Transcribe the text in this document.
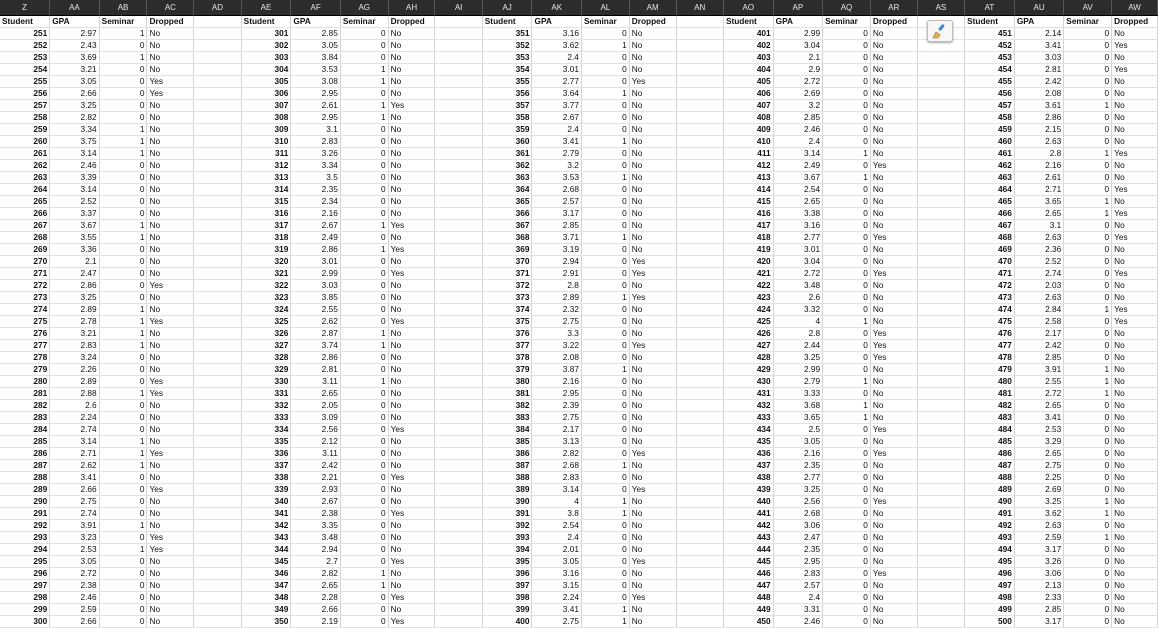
Z	AA	AB	AC	AD	AE	AF	AG	AH	AI	AJ	AK	AL	AM	AN	AO	AP	AQ	AR	AS	AT	AU	AV	AW
Student	GPA	Seminar	Dropped		Student	GPA	Seminar	Dropped		Student	GPA	Seminar	Dropped		Student	GPA	Seminar	Dropped		Student	GPA	Seminar	Dropped
251	2.97	1	No		301	2.85	0	No		351	3.16	0	No		401	2.99	0	No		451	2.14	0	No
252	2.43	0	No		302	3.05	0	No		352	3.62	1	No		402	3.04	0	No		452	3.41	0	Yes
253	3.69	1	No		303	3.84	0	No		353	2.4	0	No		403	2.1	0	No		453	3.03	0	No
254	3.21	0	No		304	3.53	1	No		354	3.01	0	No		404	2.9	0	No		454	2.81	0	Yes
255	3.05	0	Yes		305	3.08	1	No		355	2.77	0	Yes		405	2.72	0	No		455	2.42	0	No
256	2.66	0	Yes		306	2.95	0	No		356	3.64	1	No		406	2.69	0	No		456	2.08	0	No
257	3.25	0	No		307	2.61	1	Yes		357	3.77	0	No		407	3.2	0	No		457	3.61	1	No
258	2.82	0	No		308	2.95	1	No		358	2.67	0	No		408	2.85	0	No		458	2.86	0	No
259	3.34	1	No		309	3.1	0	No		359	2.4	0	No		409	2.46	0	No		459	2.15	0	No
260	3.75	1	No		310	2.83	0	No		360	3.41	1	No		410	2.4	0	No		460	2.63	0	No
261	3.14	1	No		311	3.26	0	No		361	2.79	0	No		411	3.14	1	No		461	2.8	1	Yes
262	2.46	0	No		312	3.34	0	No		362	3.2	0	No		412	2.49	0	Yes		462	2.16	0	No
263	3.39	0	No		313	3.5	0	No		363	3.53	1	No		413	3.67	1	No		463	2.61	0	No
264	3.14	0	No		314	2.35	0	No		364	2.68	0	No		414	2.54	0	No		464	2.71	0	Yes
265	2.52	0	No		315	2.34	0	No		365	2.57	0	No		415	2.65	0	No		465	3.65	1	No
266	3.37	0	No		316	2.16	0	No		366	3.17	0	No		416	3.38	0	No		466	2.65	1	Yes
267	3.67	1	No		317	2.67	1	Yes		367	2.85	0	No		417	3.16	0	No		467	3.1	0	No
268	3.55	1	No		318	2.49	0	No		368	3.71	1	No		418	2.77	0	Yes		468	2.63	0	Yes
269	3.36	0	No		319	2.86	1	Yes		369	3.19	0	No		419	3.01	0	No		469	2.36	0	No
270	2.1	0	No		320	3.01	0	No		370	2.94	0	Yes		420	3.04	0	No		470	2.52	0	No
271	2.47	0	No		321	2.99	0	Yes		371	2.91	0	Yes		421	2.72	0	Yes		471	2.74	0	Yes
272	2.86	0	Yes		322	3.03	0	No		372	2.8	0	No		422	3.48	0	No		472	2.03	0	No
273	3.25	0	No		323	3.85	0	No		373	2.89	1	Yes		423	2.6	0	No		473	2.63	0	No
274	2.89	1	No		324	2.55	0	No		374	2.32	0	No		424	3.32	0	No		474	2.84	1	Yes
275	2.78	1	Yes		325	2.62	0	Yes		375	2.75	0	No		425	4	1	No		475	2.58	0	Yes
276	3.21	1	No		326	2.87	1	No		376	3.3	0	No		426	2.8	0	Yes		476	2.17	0	No
277	2.83	1	No		327	3.74	1	No		377	3.22	0	Yes		427	2.44	0	Yes		477	2.42	0	No
278	3.24	0	No		328	2.86	0	No		378	2.08	0	No		428	3.25	0	Yes		478	2.85	0	No
279	2.26	0	No		329	2.81	0	No		379	3.87	1	No		429	2.99	0	No		479	3.91	1	No
280	2.89	0	Yes		330	3.11	1	No		380	2.16	0	No		430	2.79	1	No		480	2.55	1	No
281	2.88	1	Yes		331	2.65	0	No		381	2.95	0	No		431	3.33	0	No		481	2.72	1	No
282	2.6	0	No		332	2.05	0	No		382	2.39	0	No		432	3.68	1	No		482	2.65	0	No
283	2.24	0	No		333	3.09	0	No		383	2.75	0	No		433	3.65	1	No		483	3.41	0	No
284	2.74	0	No		334	2.56	0	Yes		384	2.17	0	No		434	2.5	0	Yes		484	2.53	0	No
285	3.14	1	No		335	2.12	0	No		385	3.13	0	No		435	3.05	0	No		485	3.29	0	No
286	2.71	1	Yes		336	3.11	0	No		386	2.82	0	Yes		436	2.16	0	Yes		486	2.65	0	No
287	2.62	1	No		337	2.42	0	No		387	2.68	1	No		437	2.35	0	No		487	2.75	0	No
288	3.41	0	No		338	2.21	0	Yes		388	2.83	0	No		438	2.77	0	No		488	2.25	0	No
289	2.66	0	Yes		339	2.93	0	No		389	3.14	0	Yes		439	3.25	0	No		489	2.69	0	No
290	2.75	0	No		340	2.67	0	No		390	4	1	No		440	2.56	0	Yes		490	3.25	1	No
291	2.74	0	No		341	2.38	0	Yes		391	3.8	1	No		441	2.68	0	No		491	3.62	1	No
292	3.91	1	No		342	3.35	0	No		392	2.54	0	No		442	3.06	0	No		492	2.63	0	No
293	3.23	0	Yes		343	3.48	0	No		393	2.4	0	No		443	2.47	0	No		493	2.59	1	No
294	2.53	1	Yes		344	2.94	0	No		394	2.01	0	No		444	2.35	0	No		494	3.17	0	No
295	3.05	0	No		345	2.7	0	Yes		395	3.05	0	Yes		445	2.95	0	No		495	3.26	0	No
296	2.72	0	No		346	2.82	1	No		396	3.16	0	No		446	2.83	0	Yes		496	3.06	0	No
297	2.38	0	No		347	2.65	1	No		397	3.15	0	No		447	2.57	0	No		497	2.13	0	No
298	2.46	0	No		348	2.28	0	Yes		398	2.24	0	Yes		448	2.4	0	No		498	2.33	0	No
299	2.59	0	No		349	2.66	0	No		399	3.41	1	No		449	3.31	0	No		499	2.85	0	No
300	2.66	0	No		350	2.19	0	Yes		400	2.75	1	No		450	2.46	0	No		500	3.17	0	No
